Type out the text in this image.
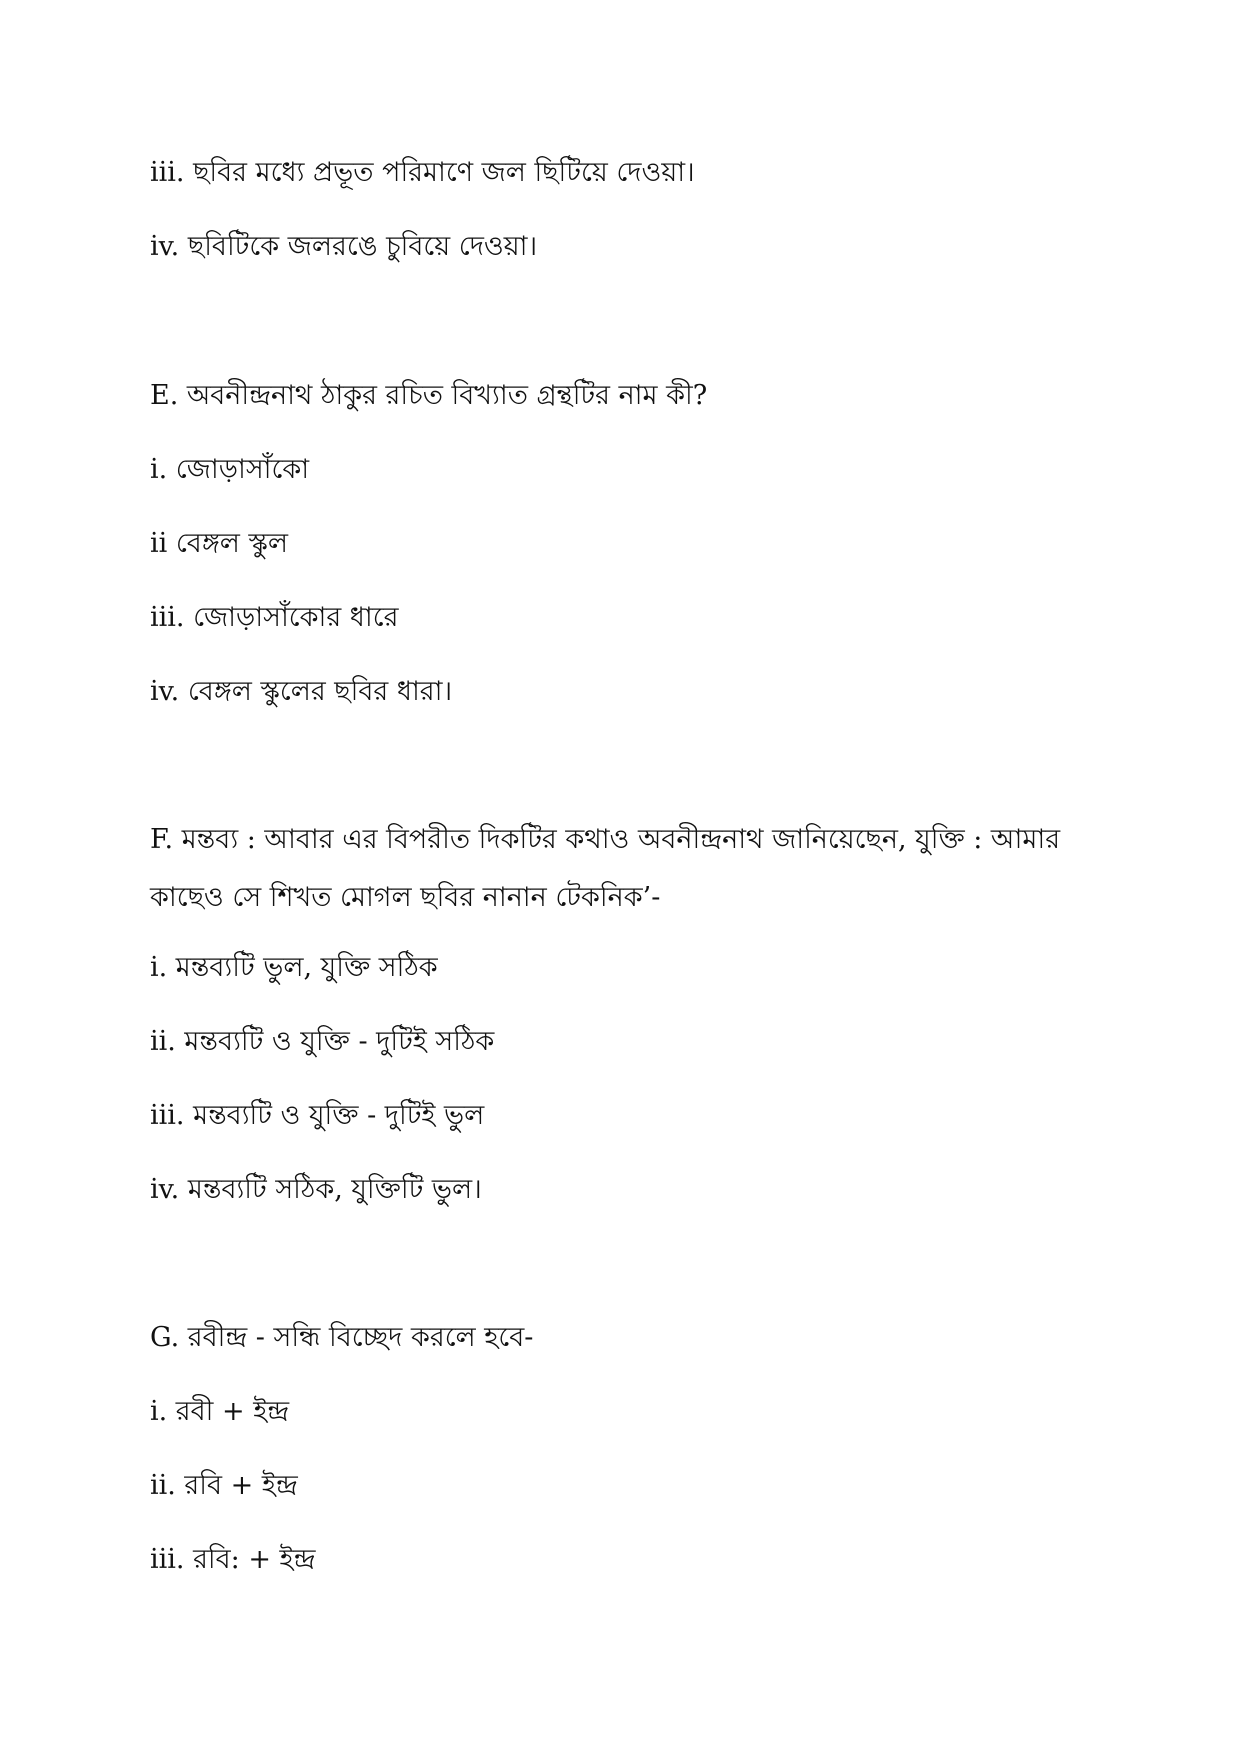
iii. ছবির মধ্যে প্রভূত পরিমাণে জল ছিটিয়ে দেওয়া।
iv. ছবিটিকে জলরঙে চুবিয়ে দেওয়া।
E. অবনীন্দ্রনাথ ঠাকুর রচিত বিখ্যাত গ্রন্থটির নাম কী?
i. জোড়াসাঁকো
ii বেঙ্গল স্কুল
iii. জোড়াসাঁকোর ধারে
iv. বেঙ্গল স্কুলের ছবির ধারা।
F. মন্তব্য : আবার এর বিপরীত দিকটির কথাও অবনীন্দ্রনাথ জানিয়েছেন, যুক্তি : আমার
কাছেও সে শিখত মোগল ছবির নানান টেকনিক’-
i. মন্তব্যটি ভুল, যুক্তি সঠিক
ii. মন্তব্যটি ও যুক্তি - দুটিই সঠিক
iii. মন্তব্যটি ও যুক্তি - দুটিই ভুল
iv. মন্তব্যটি সঠিক, যুক্তিটি ভুল।
G. রবীন্দ্র - সন্ধি বিচ্ছেদ করলে হবে-
i. রবী + ইন্দ্র
ii. রবি + ইন্দ্র
iii. রবি: + ইন্দ্র
